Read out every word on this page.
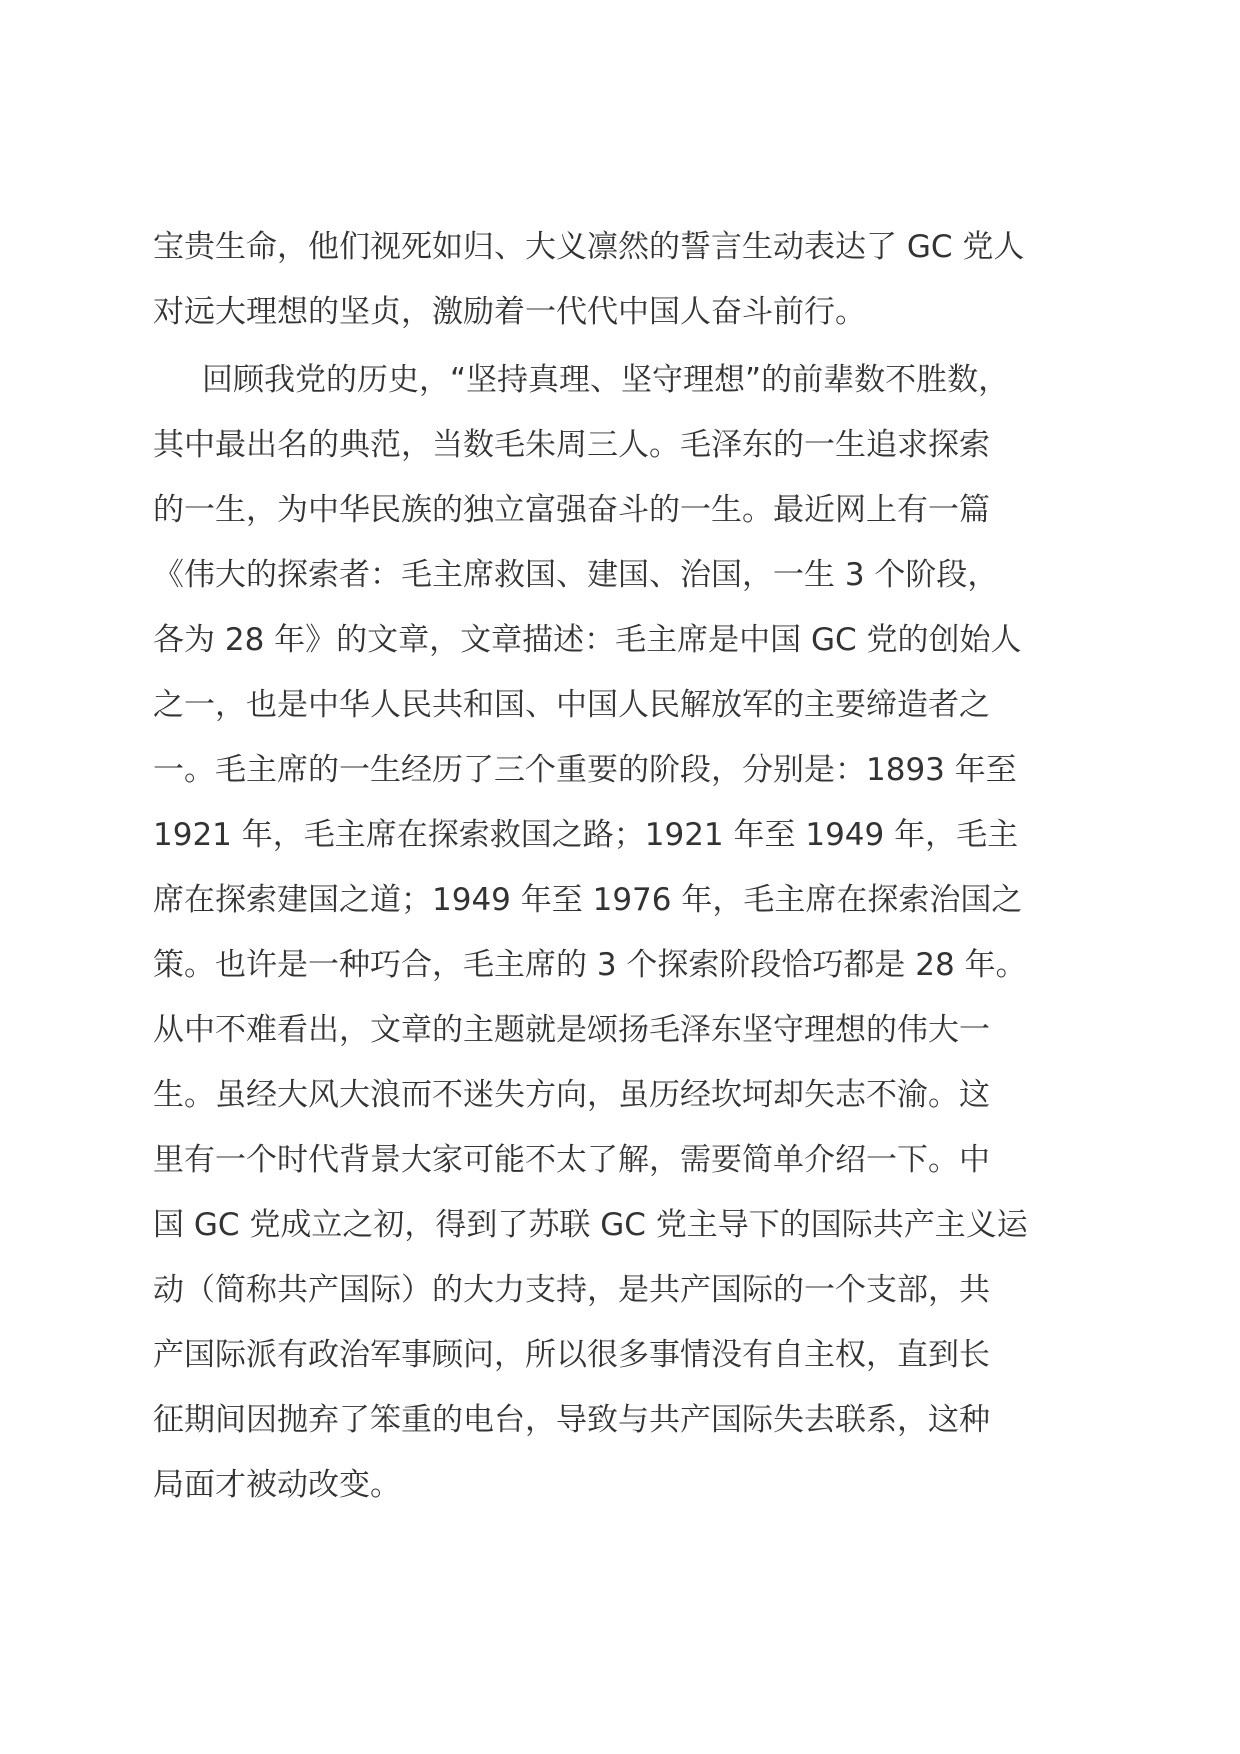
宝贵生命，他们视死如归、大义凛然的誓言生动表达了 GC 党人
对远大理想的坚贞，激励着一代代中国人奋斗前行。
回顾我党的历史，“坚持真理、坚守理想”的前辈数不胜数，
其中最出名的典范，当数毛朱周三人。毛泽东的一生追求探索
的一生，为中华民族的独立富强奋斗的一生。最近网上有一篇
《伟大的探索者：毛主席救国、建国、治国，一生 3 个阶段，
各为 28 年》的文章，文章描述：毛主席是中国 GC 党的创始人
之一，也是中华人民共和国、中国人民解放军的主要缔造者之
一。毛主席的一生经历了三个重要的阶段，分别是：1893 年至
1921 年，毛主席在探索救国之路；1921 年至 1949 年，毛主
席在探索建国之道；1949 年至 1976 年，毛主席在探索治国之
策。也许是一种巧合，毛主席的 3 个探索阶段恰巧都是 28 年。
从中不难看出，文章的主题就是颂扬毛泽东坚守理想的伟大一
生。虽经大风大浪而不迷失方向，虽历经坎坷却矢志不渝。这
里有一个时代背景大家可能不太了解，需要简单介绍一下。中
国 GC 党成立之初，得到了苏联 GC 党主导下的国际共产主义运
动（简称共产国际）的大力支持，是共产国际的一个支部，共
产国际派有政治军事顾问，所以很多事情没有自主权，直到长
征期间因抛弃了笨重的电台，导致与共产国际失去联系，这种
局面才被动改变。
